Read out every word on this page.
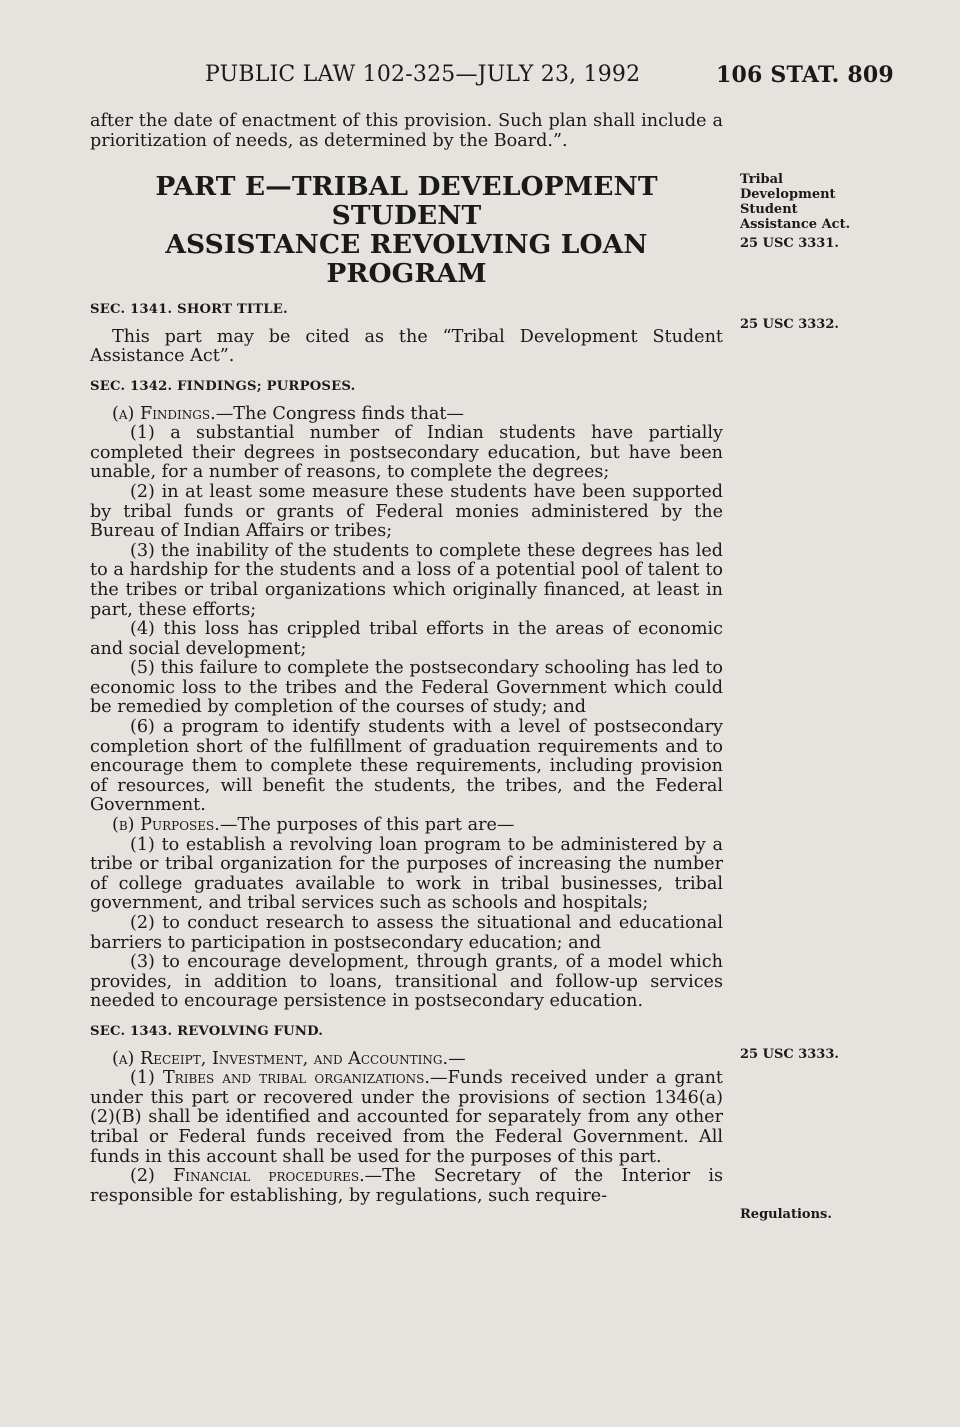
PUBLIC LAW 102-325—JULY 23, 1992	106 STAT. 809

after the date of enactment of this provision. Such plan shall include a prioritization of needs, as determined by the Board.”.

PART E—TRIBAL DEVELOPMENT STUDENT
ASSISTANCE REVOLVING LOAN PROGRAM

SEC. 1341. SHORT TITLE.

This part may be cited as the “Tribal Development Student Assistance Act”.

SEC. 1342. FINDINGS; PURPOSES.

(a) Findings.—The Congress finds that—

(1) a substantial number of Indian students have partially completed their degrees in postsecondary education, but have been unable, for a number of reasons, to complete the degrees;

(2) in at least some measure these students have been supported by tribal funds or grants of Federal monies administered by the Bureau of Indian Affairs or tribes;

(3) the inability of the students to complete these degrees has led to a hardship for the students and a loss of a potential pool of talent to the tribes or tribal organizations which originally financed, at least in part, these efforts;

(4) this loss has crippled tribal efforts in the areas of economic and social development;

(5) this failure to complete the postsecondary schooling has led to economic loss to the tribes and the Federal Government which could be remedied by completion of the courses of study; and

(6) a program to identify students with a level of postsecondary completion short of the fulfillment of graduation requirements and to encourage them to complete these requirements, including provision of resources, will benefit the students, the tribes, and the Federal Government.

(b) Purposes.—The purposes of this part are—

(1) to establish a revolving loan program to be administered by a tribe or tribal organization for the purposes of increasing the number of college graduates available to work in tribal businesses, tribal government, and tribal services such as schools and hospitals;

(2) to conduct research to assess the situational and educational barriers to participation in postsecondary education; and

(3) to encourage development, through grants, of a model which provides, in addition to loans, transitional and follow-up services needed to encourage persistence in postsecondary education.

SEC. 1343. REVOLVING FUND.

(a) Receipt, Investment, and Accounting.—

(1) Tribes and tribal organizations.—Funds received under a grant under this part or recovered under the provisions of section 1346(a)(2)(B) shall be identified and accounted for separately from any other tribal or Federal funds received from the Federal Government. All funds in this account shall be used for the purposes of this part.

(2) Financial procedures.—The Secretary of the Interior is responsible for establishing, by regulations, such require-

Tribal Development Student Assistance Act.
25 USC 3331.
25 USC 3332.
25 USC 3333.
Regulations.
